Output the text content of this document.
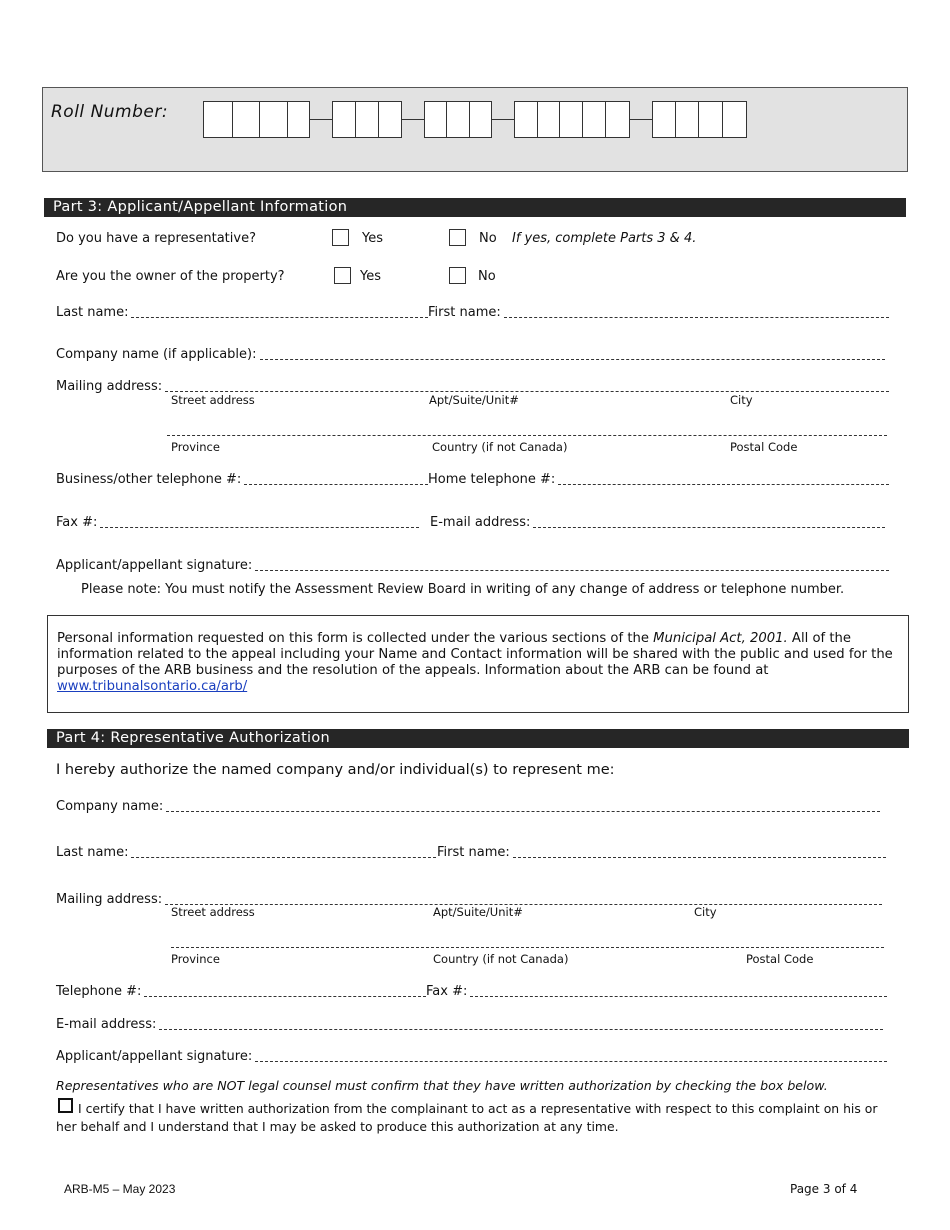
Roll Number:
Part 3: Applicant/Appellant Information
Do you have a representative?	Yes	No If yes, complete Parts 3 & 4.
Are you the owner of the property?	Yes	No
Last name:	First name:
Company name (if applicable):
Mailing address:
Street address	Apt/Suite/Unit#	City
Province	Country (if not Canada)	Postal Code
Business/other telephone #:	Home telephone #:
Fax #:	E-mail address:
Applicant/appellant signature:
Please note: You must notify the Assessment Review Board in writing of any change of address or telephone number.
Personal information requested on this form is collected under the various sections of the Municipal Act, 2001. All of the information related to the appeal including your Name and Contact information will be shared with the public and used for the purposes of the ARB business and the resolution of the appeals. Information about the ARB can be found at
www.tribunalsontario.ca/arb/
Part 4: Representative Authorization
I hereby authorize the named company and/or individual(s) to represent me:
Company name:
Last name:	First name:
Mailing address:
Street address	Apt/Suite/Unit#	City
Province	Country (if not Canada)	Postal Code
Telephone #:	Fax #:
E-mail address:
Applicant/appellant signature:
Representatives who are NOT legal counsel must confirm that they have written authorization by checking the box below.
I certify that I have written authorization from the complainant to act as a representative with respect to this complaint on his or her behalf and I understand that I may be asked to produce this authorization at any time.
ARB-M5 – May 2023	Page 3 of 4
